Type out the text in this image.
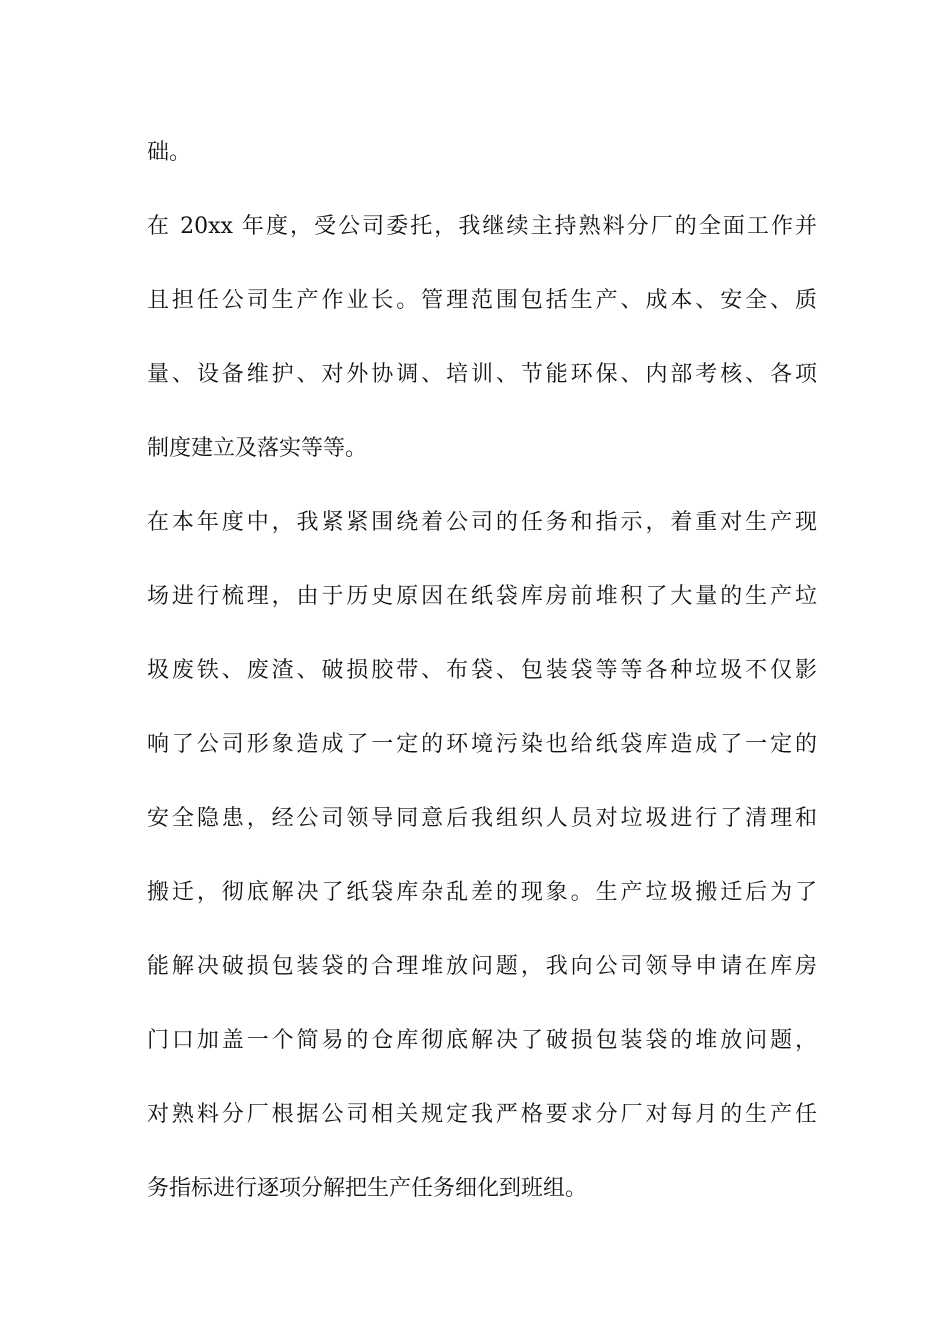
础。
在 20xx 年度，受公司委托，我继续主持熟料分厂的全面工作并
且担任公司生产作业长。管理范围包括生产、成本、安全、质
量、设备维护、对外协调、培训、节能环保、内部考核、各项
制度建立及落实等等。
在本年度中，我紧紧围绕着公司的任务和指示，着重对生产现
场进行梳理，由于历史原因在纸袋库房前堆积了大量的生产垃
圾废铁、废渣、破损胶带、布袋、包装袋等等各种垃圾不仅影
响了公司形象造成了一定的环境污染也给纸袋库造成了一定的
安全隐患，经公司领导同意后我组织人员对垃圾进行了清理和
搬迁，彻底解决了纸袋库杂乱差的现象。生产垃圾搬迁后为了
能解决破损包装袋的合理堆放问题，我向公司领导申请在库房
门口加盖一个简易的仓库彻底解决了破损包装袋的堆放问题，
对熟料分厂根据公司相关规定我严格要求分厂对每月的生产任
务指标进行逐项分解把生产任务细化到班组。
